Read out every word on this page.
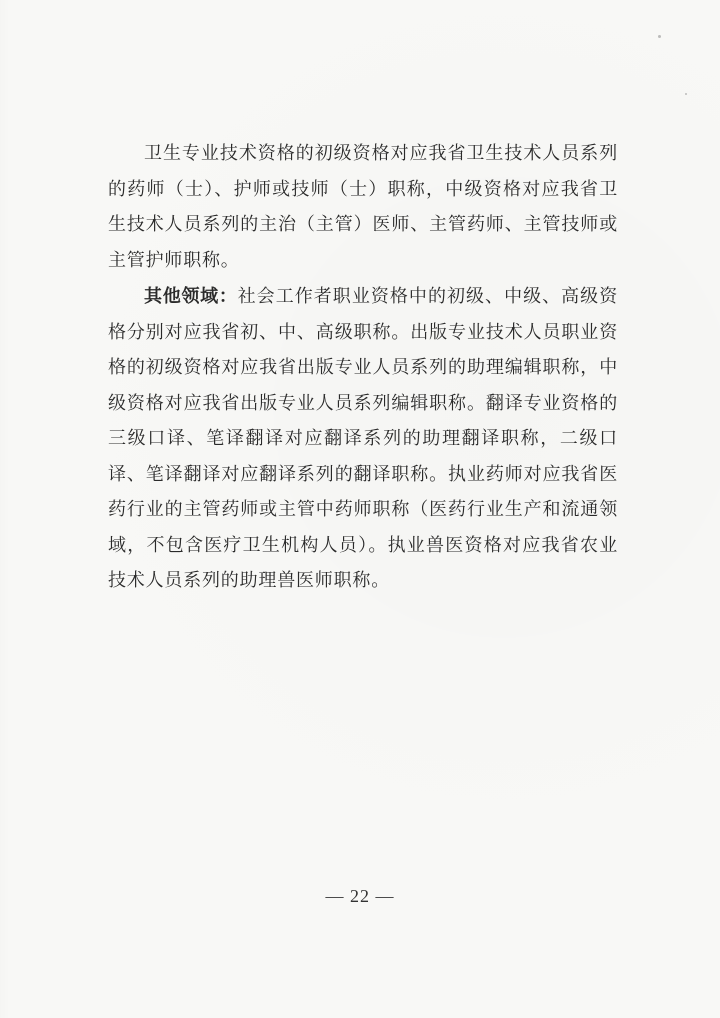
卫生专业技术资格的初级资格对应我省卫生技术人员系列的药师（士）、护师或技师（士）职称，中级资格对应我省卫生技术人员系列的主治（主管）医师、主管药师、主管技师或主管护师职称。

其他领域：社会工作者职业资格中的初级、中级、高级资格分别对应我省初、中、高级职称。出版专业技术人员职业资格的初级资格对应我省出版专业人员系列的助理编辑职称，中级资格对应我省出版专业人员系列编辑职称。翻译专业资格的三级口译、笔译翻译对应翻译系列的助理翻译职称，二级口译、笔译翻译对应翻译系列的翻译职称。执业药师对应我省医药行业的主管药师或主管中药师职称（医药行业生产和流通领域，不包含医疗卫生机构人员）。执业兽医资格对应我省农业技术人员系列的助理兽医师职称。

— 22 —
